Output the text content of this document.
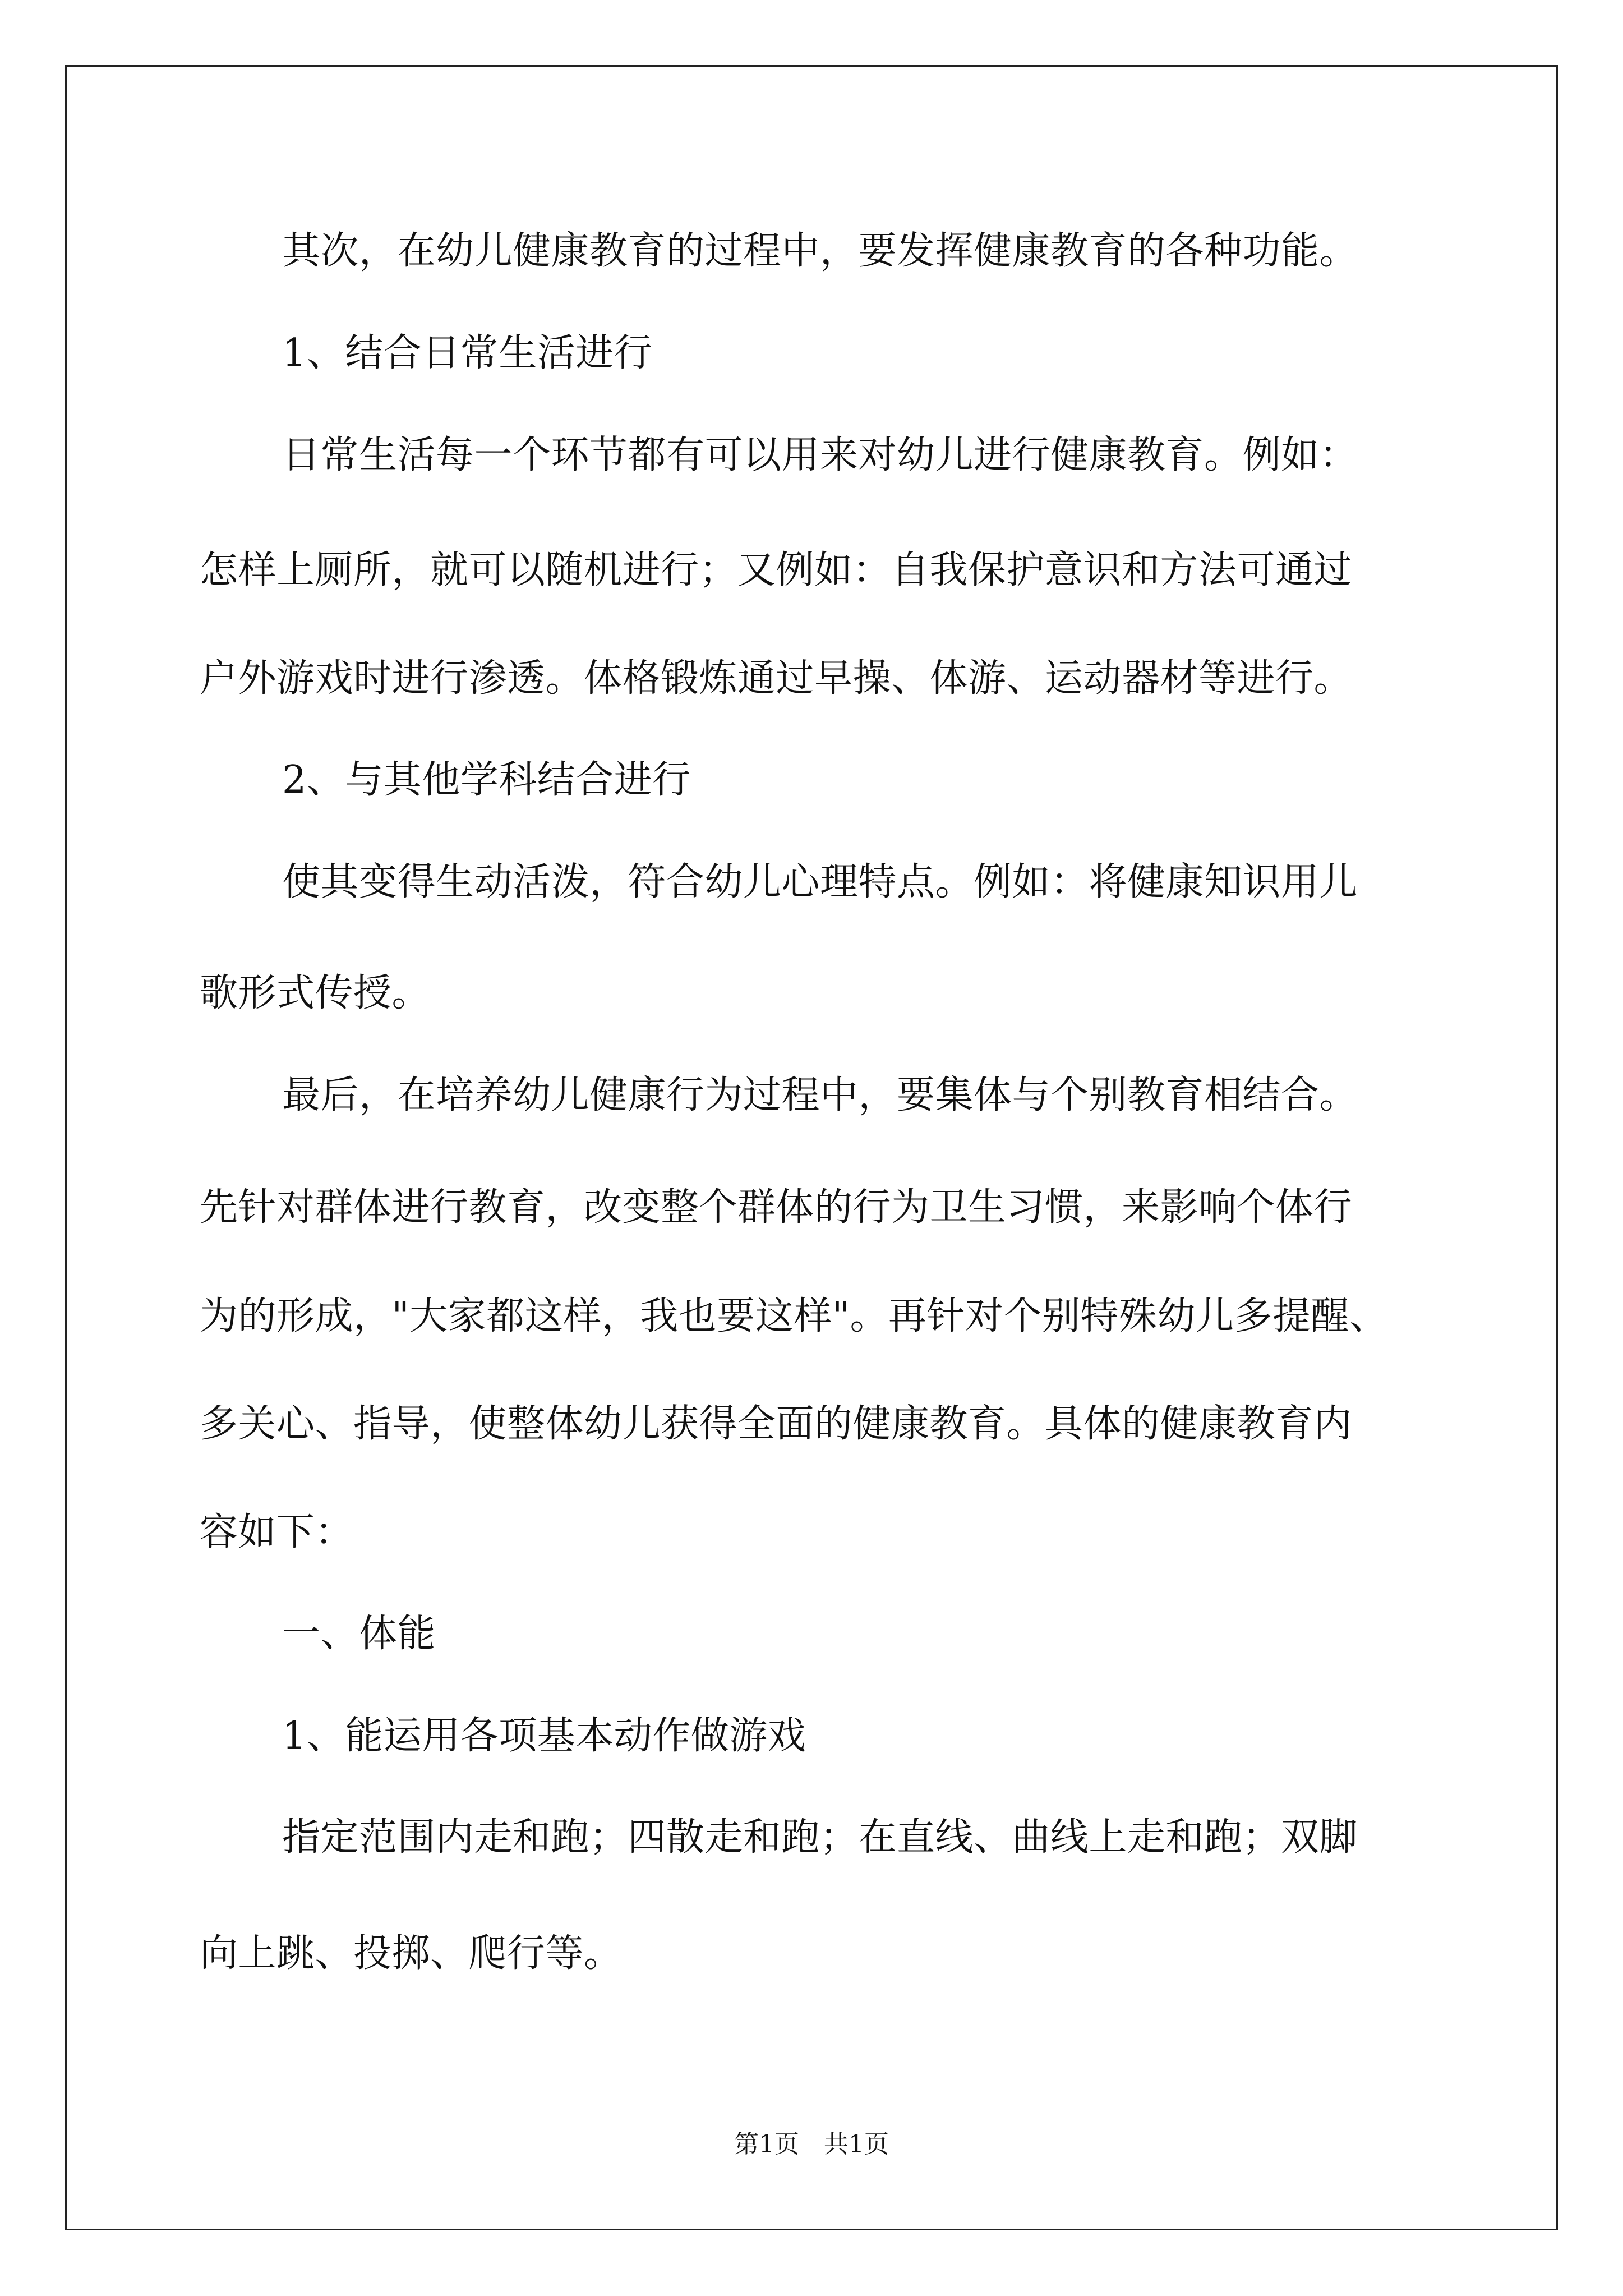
其次，在幼儿健康教育的过程中，要发挥健康教育的各种功能。
1、结合日常生活进行
日常生活每一个环节都有可以用来对幼儿进行健康教育。例如：
怎样上厕所，就可以随机进行；又例如：自我保护意识和方法可通过
户外游戏时进行渗透。体格锻炼通过早操、体游、运动器材等进行。
2、与其他学科结合进行
使其变得生动活泼，符合幼儿心理特点。例如：将健康知识用儿
歌形式传授。
最后，在培养幼儿健康行为过程中，要集体与个别教育相结合。
先针对群体进行教育，改变整个群体的行为卫生习惯，来影响个体行
为的形成，"大家都这样，我也要这样"。再针对个别特殊幼儿多提醒、
多关心、指导，使整体幼儿获得全面的健康教育。具体的健康教育内
容如下：
一、体能
1、能运用各项基本动作做游戏
指定范围内走和跑；四散走和跑；在直线、曲线上走和跑；双脚
向上跳、投掷、爬行等。
第1页　共1页
